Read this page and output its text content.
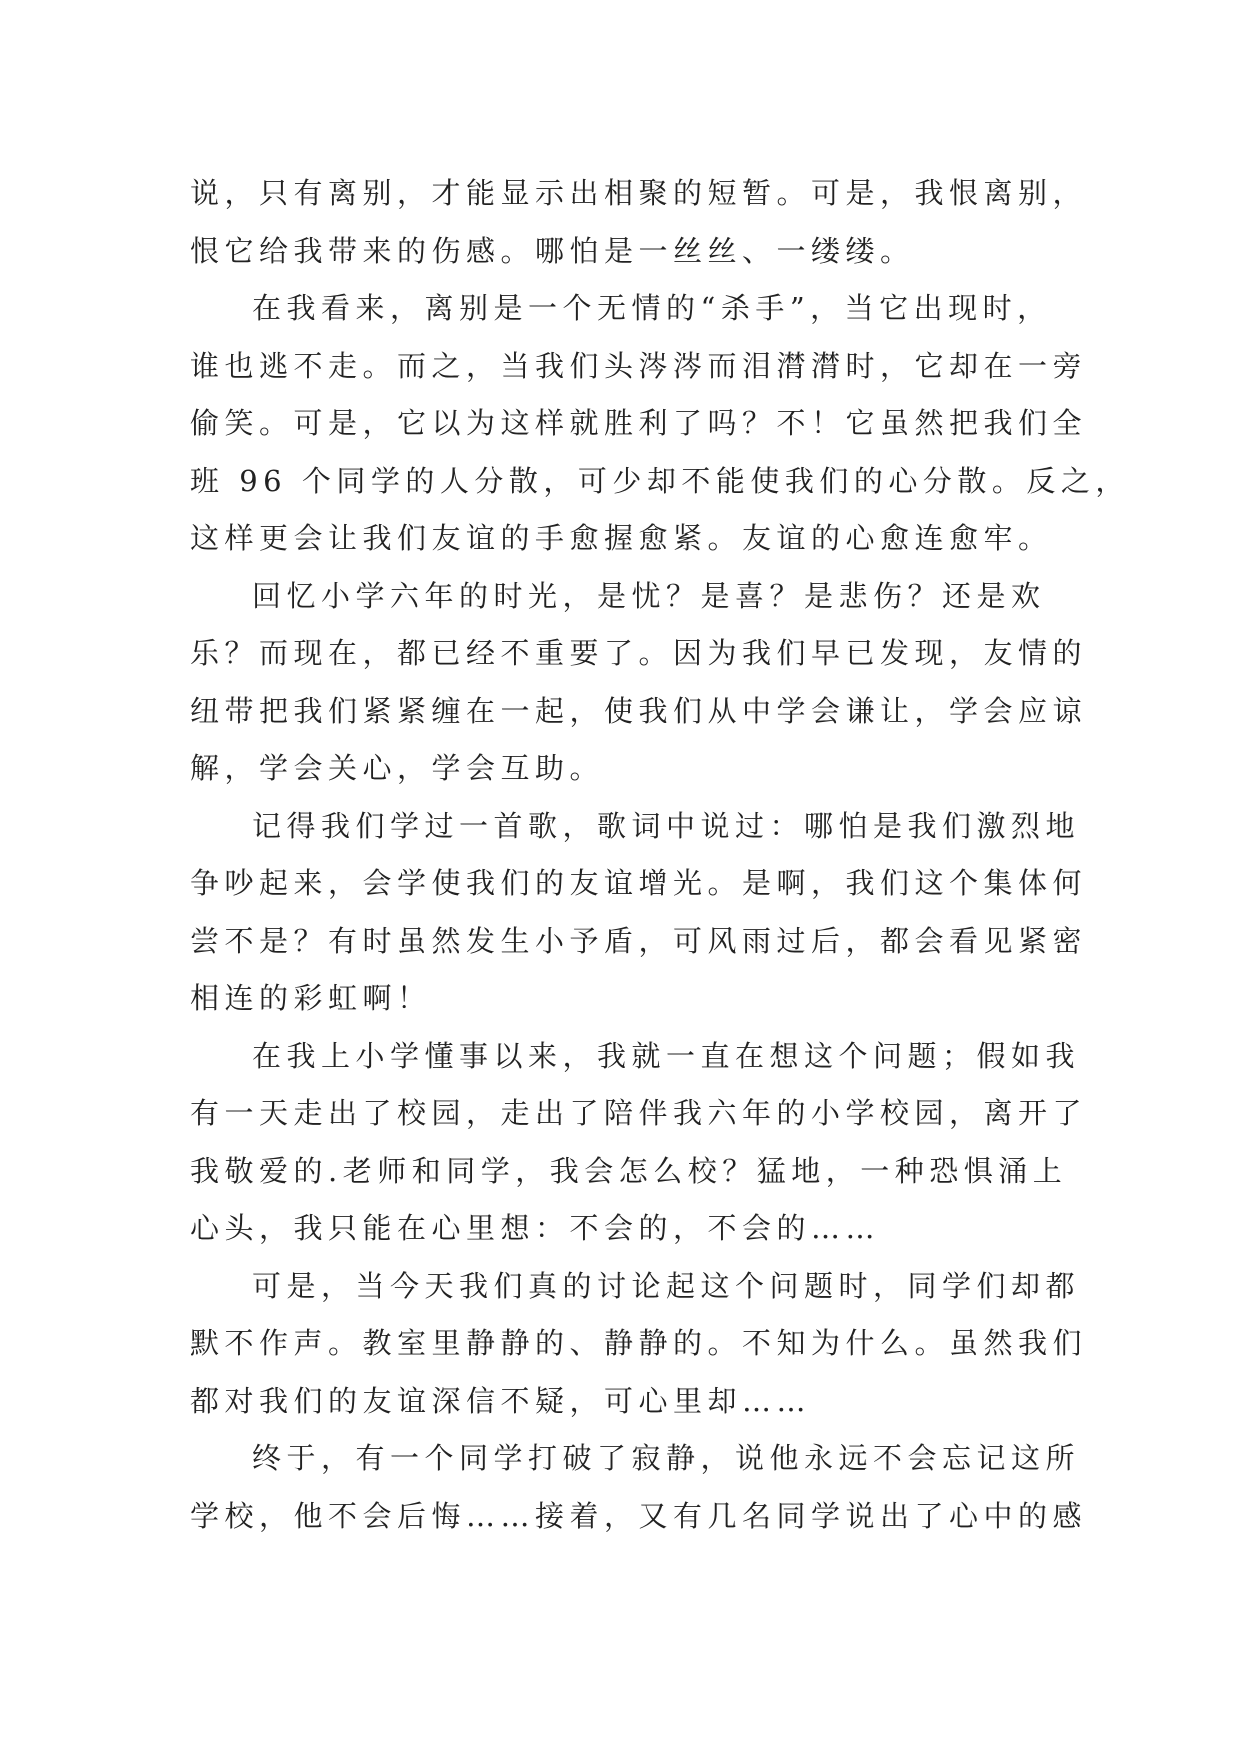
说，只有离别，才能显示出相聚的短暂。可是，我恨离别，

恨它给我带来的伤感。哪怕是一丝丝、一缕缕。

在我看来，离别是一个无情的“杀手”，当它出现时，

谁也逃不走。而之，当我们头涔涔而泪潸潸时，它却在一旁

偷笑。可是，它以为这样就胜利了吗？不！它虽然把我们全

班 96 个同学的人分散，可少却不能使我们的心分散。反之，

这样更会让我们友谊的手愈握愈紧。友谊的心愈连愈牢。

回忆小学六年的时光，是忧？是喜？是悲伤？还是欢

乐？而现在，都已经不重要了。因为我们早已发现，友情的

纽带把我们紧紧缠在一起，使我们从中学会谦让，学会应谅

解，学会关心，学会互助。

记得我们学过一首歌，歌词中说过：哪怕是我们激烈地

争吵起来，会学使我们的友谊增光。是啊，我们这个集体何

尝不是？有时虽然发生小予盾，可风雨过后，都会看见紧密

相连的彩虹啊！

在我上小学懂事以来，我就一直在想这个问题；假如我

有一天走出了校园，走出了陪伴我六年的小学校园，离开了

我敬爱的.老师和同学，我会怎么校？猛地，一种恐惧涌上

心头，我只能在心里想：不会的，不会的……

可是，当今天我们真的讨论起这个问题时，同学们却都

默不作声。教室里静静的、静静的。不知为什么。虽然我们

都对我们的友谊深信不疑，可心里却……

终于，有一个同学打破了寂静，说他永远不会忘记这所

学校，他不会后悔……接着，又有几名同学说出了心中的感
